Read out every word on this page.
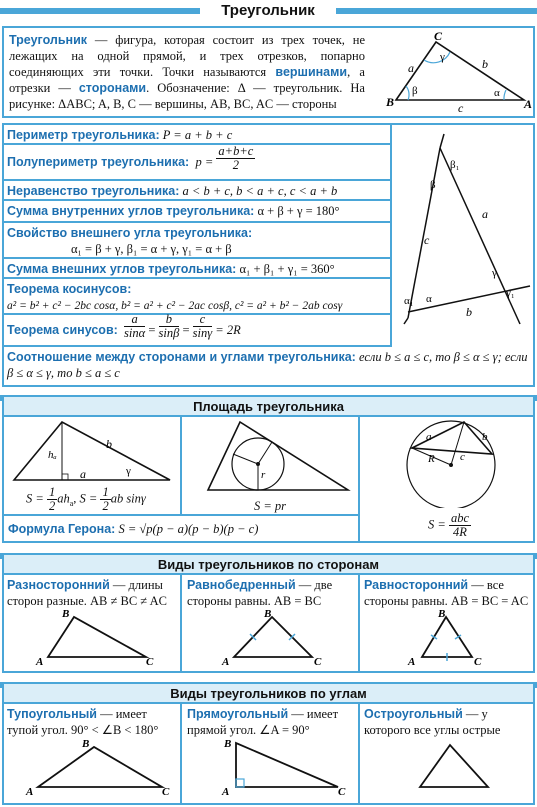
Треугольник
Треугольник — фигура, которая состоит из трех точек, не лежащих на одной прямой, и трех отрезков, попарно соединяющих эти точки. Точки называются вершинами, а отрезки — сторонами. Обозначение: Δ — треугольник. На рисунке: ΔABC; A, B, C — вершины, AB, BC, AC — стороны
C
B	A
a	b
c
γ
β	α
Периметр треугольника: P = a + b + c
Полупериметр треугольника: $p = \frac{a+b+c}{2}$
Неравенство треугольника: a < b + c, b < a + c, c < a + b
Сумма внутренних углов треугольника: α + β + γ = 180°
Свойство внешнего угла треугольника:
α₁ = β + γ, β₁ = α + γ, γ₁ = α + β
Сумма внешних углов треугольника: α₁ + β₁ + γ₁ = 360°
Теорема косинусов:
a² = b² + c² − 2bc cosα, b² = a² + c² − 2ac cosβ, c² = a² + b² − 2ab cosγ
Теорема синусов: $\frac{a}{\sin\alpha} = \frac{b}{\sin\beta} = \frac{c}{\sin\gamma} = 2R$
Соотношение между сторонами и углами треугольника: если b ≤ a ≤ c, то β ≤ α ≤ γ; если β ≤ α ≤ γ, то b ≤ a ≤ c
β₁
a
c
b
γ
γ₁
α
α₁
β
Площадь треугольника
hₐ
b
a	γ
$S = \frac{1}{2} ah_a$, $S = \frac{1}{2}$ ab sinγ
r
S = pr
a	b
c
R
$S = \frac{\text{abc}}{4R}$
Формула Герона: S = √p(p − a)(p − b)(p − c)
Виды треугольников по сторонам
Разносторонний — длины сторон разные. AB ≠ BC ≠ AC
B
A	C
Равнобедренный — две стороны равны. AB = BC
B
A	C
Равносторонний — все стороны равны. AB = BC = AC
B
A	C
Виды треугольников по углам
Тупоугольный — имеет тупой угол. 90° < ∠B < 180°
B
A	C
Прямоугольный — имеет прямой угол. ∠A = 90°
B
A	C
Остроугольный — у которого все углы острые
